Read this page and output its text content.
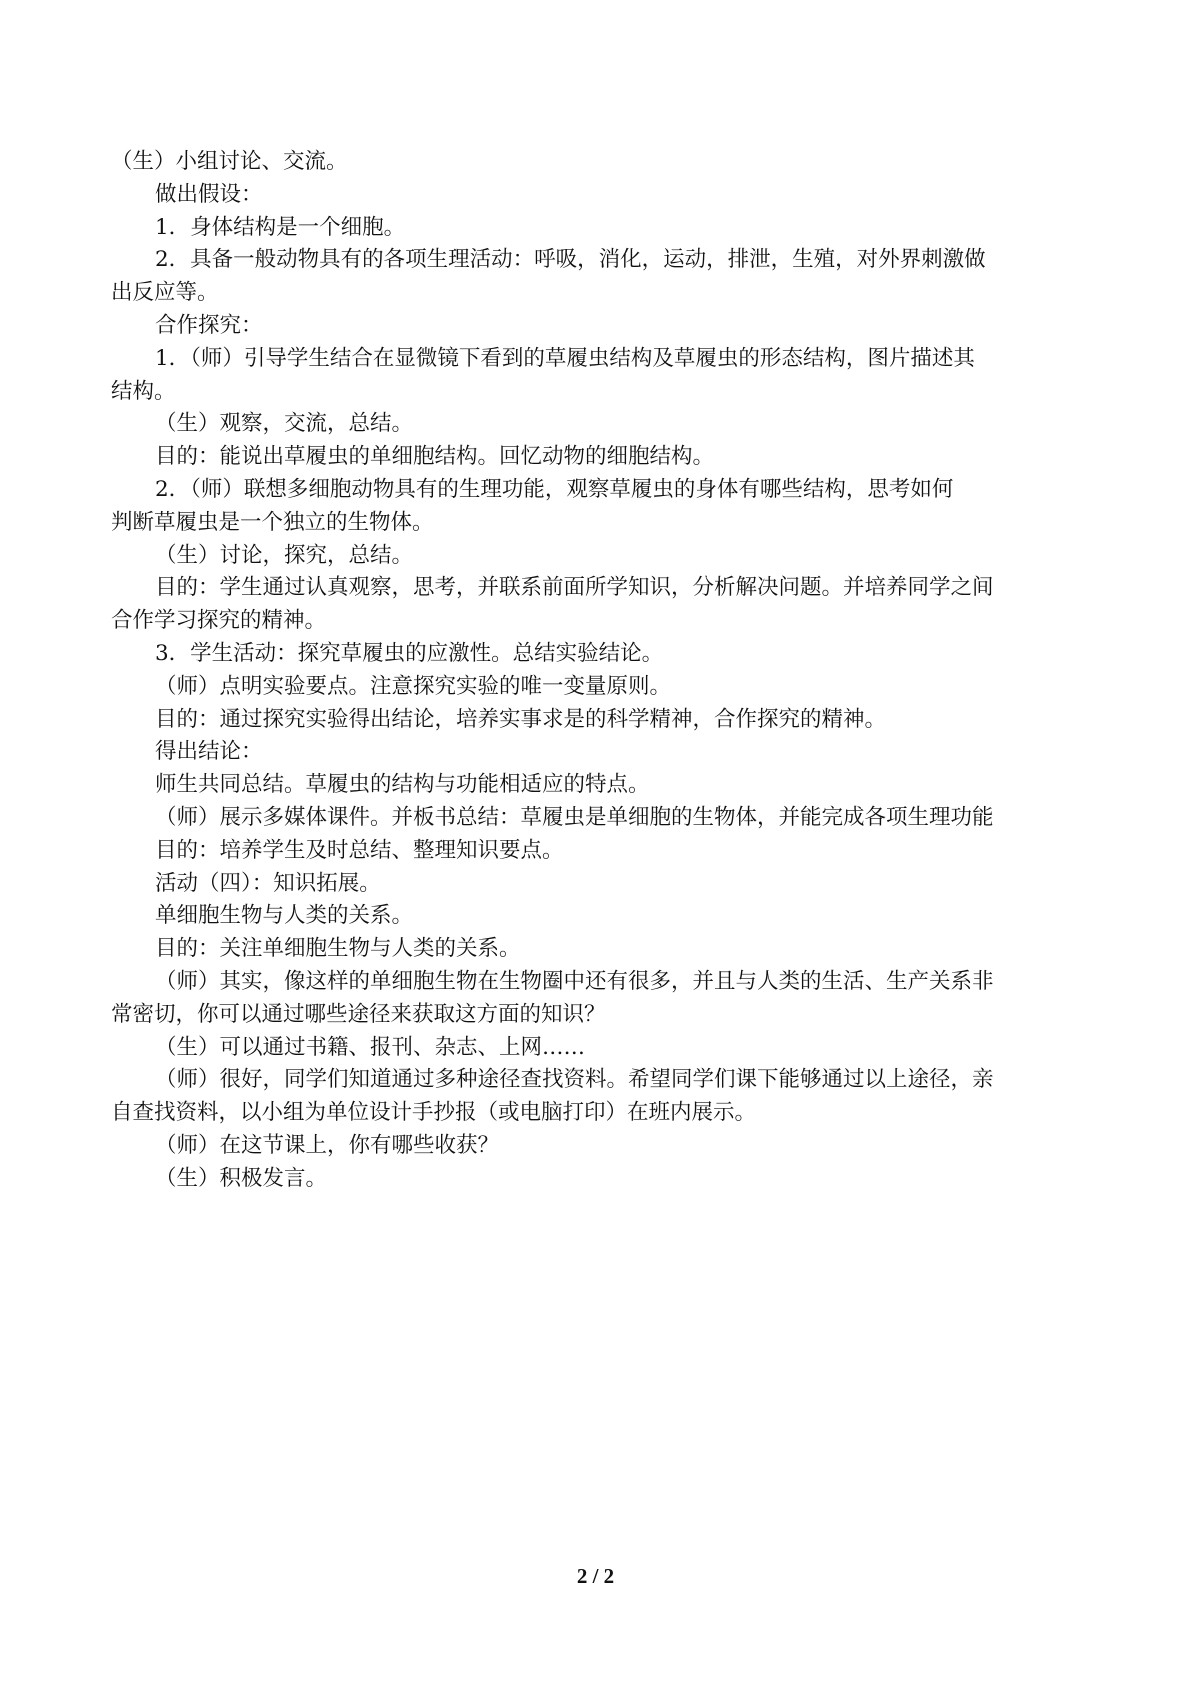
（生）小组讨论、交流。
做出假设：
1．身体结构是一个细胞。
2．具备一般动物具有的各项生理活动：呼吸，消化，运动，排泄，生殖，对外界刺激做
出反应等。
合作探究：
1．（师）引导学生结合在显微镜下看到的草履虫结构及草履虫的形态结构，图片描述其
结构。
（生）观察，交流，总结。
目的：能说出草履虫的单细胞结构。回忆动物的细胞结构。
2．（师）联想多细胞动物具有的生理功能，观察草履虫的身体有哪些结构，思考如何
判断草履虫是一个独立的生物体。
（生）讨论，探究，总结。
目的：学生通过认真观察，思考，并联系前面所学知识，分析解决问题。并培养同学之间
合作学习探究的精神。
3．学生活动：探究草履虫的应激性。总结实验结论。
（师）点明实验要点。注意探究实验的唯一变量原则。
目的：通过探究实验得出结论，培养实事求是的科学精神，合作探究的精神。
得出结论：
师生共同总结。草履虫的结构与功能相适应的特点。
（师）展示多媒体课件。并板书总结：草履虫是单细胞的生物体，并能完成各项生理功能
目的：培养学生及时总结、整理知识要点。
活动（四）：知识拓展。
单细胞生物与人类的关系。
目的：关注单细胞生物与人类的关系。
（师）其实，像这样的单细胞生物在生物圈中还有很多，并且与人类的生活、生产关系非
常密切，你可以通过哪些途径来获取这方面的知识？
（生）可以通过书籍、报刊、杂志、上网……
（师）很好，同学们知道通过多种途径查找资料。希望同学们课下能够通过以上途径，亲
自查找资料，以小组为单位设计手抄报（或电脑打印）在班内展示。
（师）在这节课上，你有哪些收获？
（生）积极发言。
2 / 2
